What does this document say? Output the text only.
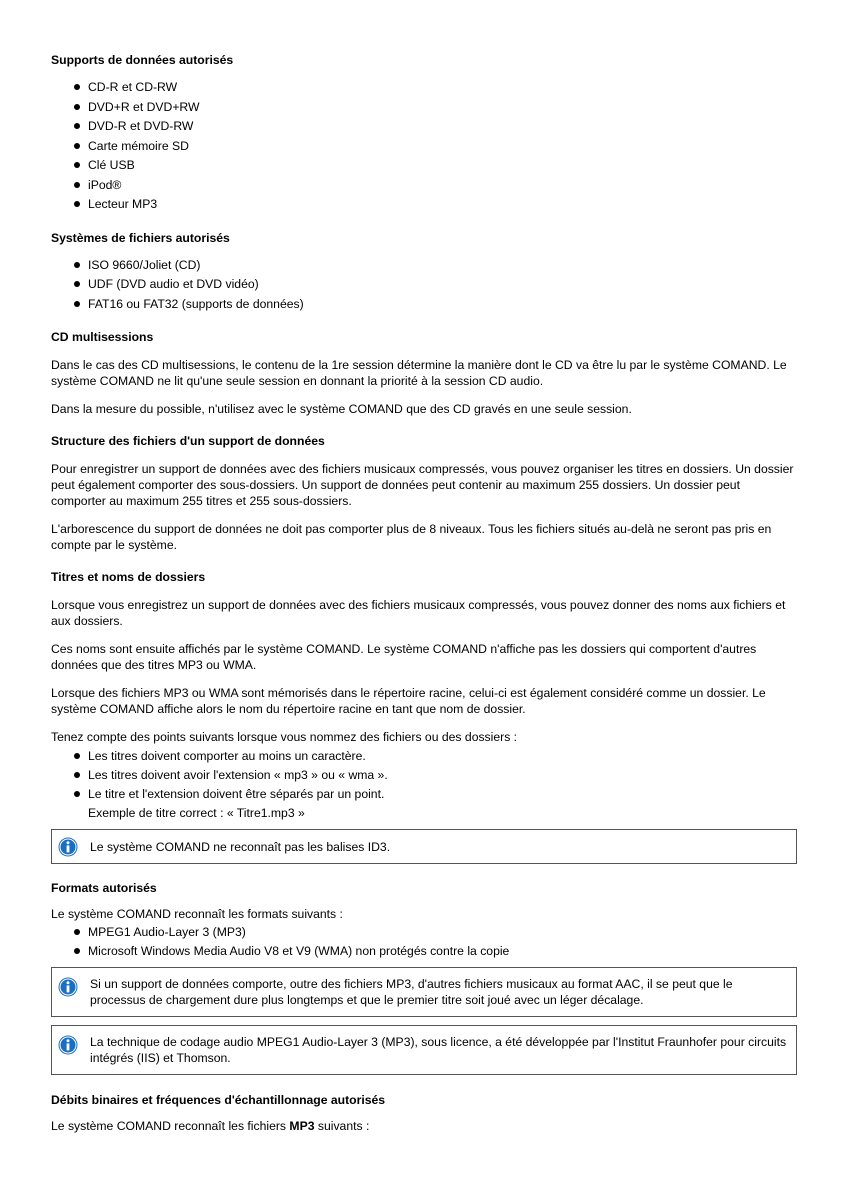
Supports de données autorisés
CD-R et CD-RW
DVD+R et DVD+RW
DVD-R et DVD-RW
Carte mémoire SD
Clé USB
iPod®
Lecteur MP3
Systèmes de fichiers autorisés
ISO 9660/Joliet (CD)
UDF (DVD audio et DVD vidéo)
FAT16 ou FAT32 (supports de données)
CD multisessions

Dans le cas des CD multisessions, le contenu de la 1re session détermine la manière dont le CD va être lu par le système COMAND. Le système COMAND ne lit qu'une seule session en donnant la priorité à la session CD audio.

Dans la mesure du possible, n'utilisez avec le système COMAND que des CD gravés en une seule session.

Structure des fichiers d'un support de données

Pour enregistrer un support de données avec des fichiers musicaux compressés, vous pouvez organiser les titres en dossiers. Un dossier peut également comporter des sous-dossiers. Un support de données peut contenir au maximum 255 dossiers. Un dossier peut comporter au maximum 255 titres et 255 sous-dossiers.

L'arborescence du support de données ne doit pas comporter plus de 8 niveaux. Tous les fichiers situés au-delà ne seront pas pris en compte par le système.

Titres et noms de dossiers

Lorsque vous enregistrez un support de données avec des fichiers musicaux compressés, vous pouvez donner des noms aux fichiers et aux dossiers.

Ces noms sont ensuite affichés par le système COMAND. Le système COMAND n'affiche pas les dossiers qui comportent d'autres données que des titres MP3 ou WMA.

Lorsque des fichiers MP3 ou WMA sont mémorisés dans le répertoire racine, celui-ci est également considéré comme un dossier. Le système COMAND affiche alors le nom du répertoire racine en tant que nom de dossier.

Tenez compte des points suivants lorsque vous nommez des fichiers ou des dossiers :

Les titres doivent comporter au moins un caractère.
Les titres doivent avoir l'extension « mp3 » ou « wma ».
Le titre et l'extension doivent être séparés par un point.
Exemple de titre correct : « Titre1.mp3 »

Le système COMAND ne reconnaît pas les balises ID3.

Formats autorisés

Le système COMAND reconnaît les formats suivants :

MPEG1 Audio-Layer 3 (MP3)
Microsoft Windows Media Audio V8 et V9 (WMA) non protégés contre la copie

Si un support de données comporte, outre des fichiers MP3, d'autres fichiers musicaux au format AAC, il se peut que le processus de chargement dure plus longtemps et que le premier titre soit joué avec un léger décalage.

La technique de codage audio MPEG1 Audio-Layer 3 (MP3), sous licence, a été développée par l'Institut Fraunhofer pour circuits intégrés (IIS) et Thomson.

Débits binaires et fréquences d'échantillonnage autorisés

Le système COMAND reconnaît les fichiers MP3 suivants :
